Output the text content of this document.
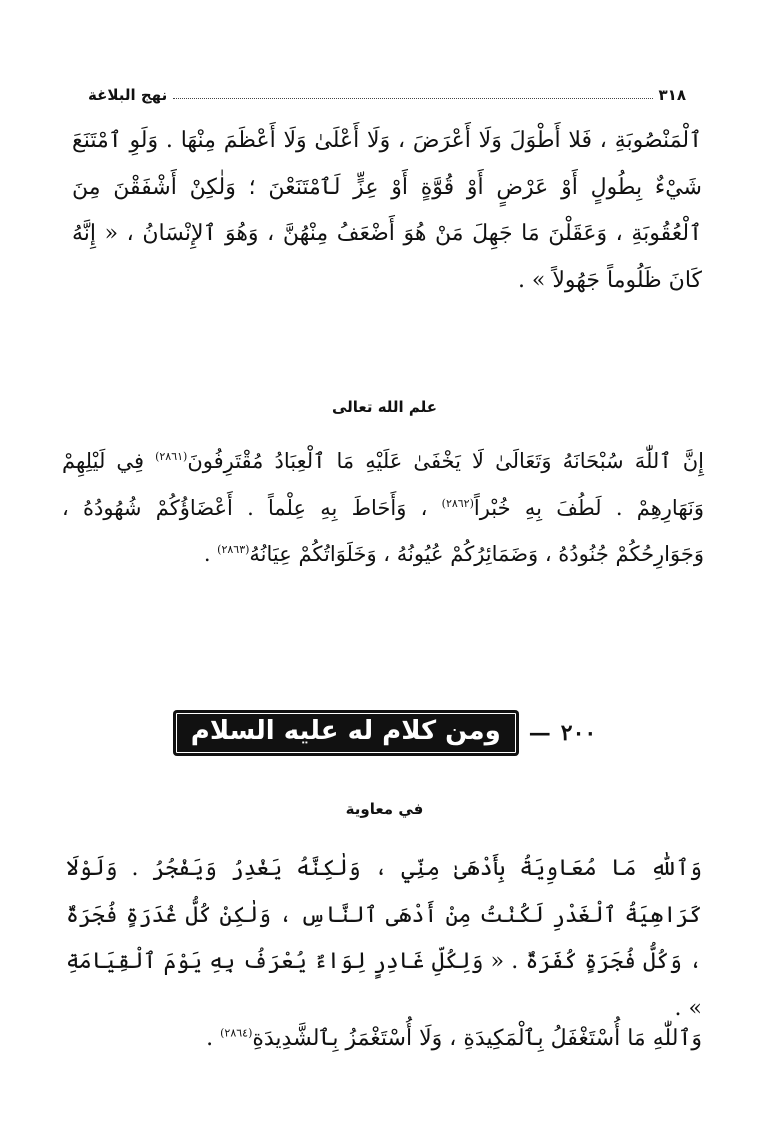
٣١٨
نهج البلاغة

ٱلْمَنْصُوبَةِ ، فَلا أَطْوَلَ وَلَا أَعْرَضَ ، وَلَا أَعْلَىٰ وَلَا أَعْظَمَ مِنْهَا . وَلَوِ ٱمْتَنَعَ شَيْءٌ بِطُولٍ أَوْ عَرْضٍ أَوْ قُوَّةٍ أَوْ عِزٍّ لَٱمْتَنَعْنَ ؛ وَلٰكِنْ أَشْفَقْنَ مِنَ ٱلْعُقُوبَةِ ، وَعَقَلْنَ مَا جَهِلَ مَنْ هُوَ أَضْعَفُ مِنْهُنَّ ، وَهُوَ ٱلإِنْسَانُ ، « إِنَّهُ كَانَ ظَلُوماً جَهُولاً » .

علم الله تعالى

إِنَّ ٱللّٰهَ سُبْحَانَهُ وَتَعَالَىٰ لَا يَخْفَىٰ عَلَيْهِ مَا ٱلْعِبَادُ مُقْتَرِفُونَ$^{(٢٨٦١)}$ فِي لَيْلِهِمْ وَنَهَارِهِمْ . لَطُفَ بِهِ خُبْراً$^{(٢٨٦٢)}$ ، وَأَحَاطَ بِهِ عِلْماً . أَعْضَاؤُكُمْ شُهُودُهُ ، وَجَوَارِحُكُمْ جُنُودُهُ ، وَضَمَائِرُكُمْ عُيُونُهُ ، وَخَلَوَاتُكُمْ عِيَانُهُ$^{(٢٨٦٣)}$ .

٢٠٠
—
ومن كلام له عليه السلام
في معاوية

وَٱللّٰهِ مَا مُعَاوِيَةُ بِأَدْهَىٰ مِنِّي ، وَلٰكِنَّهُ يَغْدِرُ وَيَفْجُرُ . وَلَوْلَا كَرَاهِيَةُ ٱلْغَدْرِ لَكُنْتُ مِنْ أَدْهَى ٱلنَّاسِ ، وَلٰكِنْ كُلُّ غُدَرَةٍ فُجَرَةٌ ، وَكُلُّ فُجَرَةٍ كُفَرَةٌ . « وَلِكُلِّ غَادِرٍ لِوَاءٌ يُعْرَفُ بِهِ يَوْمَ ٱلْقِيَامَةِ » .

وَٱللّٰهِ مَا أُسْتَغْفَلُ بِٱلْمَكِيدَةِ ، وَلَا أُسْتَغْمَزُ بِٱلشَّدِيدَةِ$^{(٢٨٦٤)}$ .
